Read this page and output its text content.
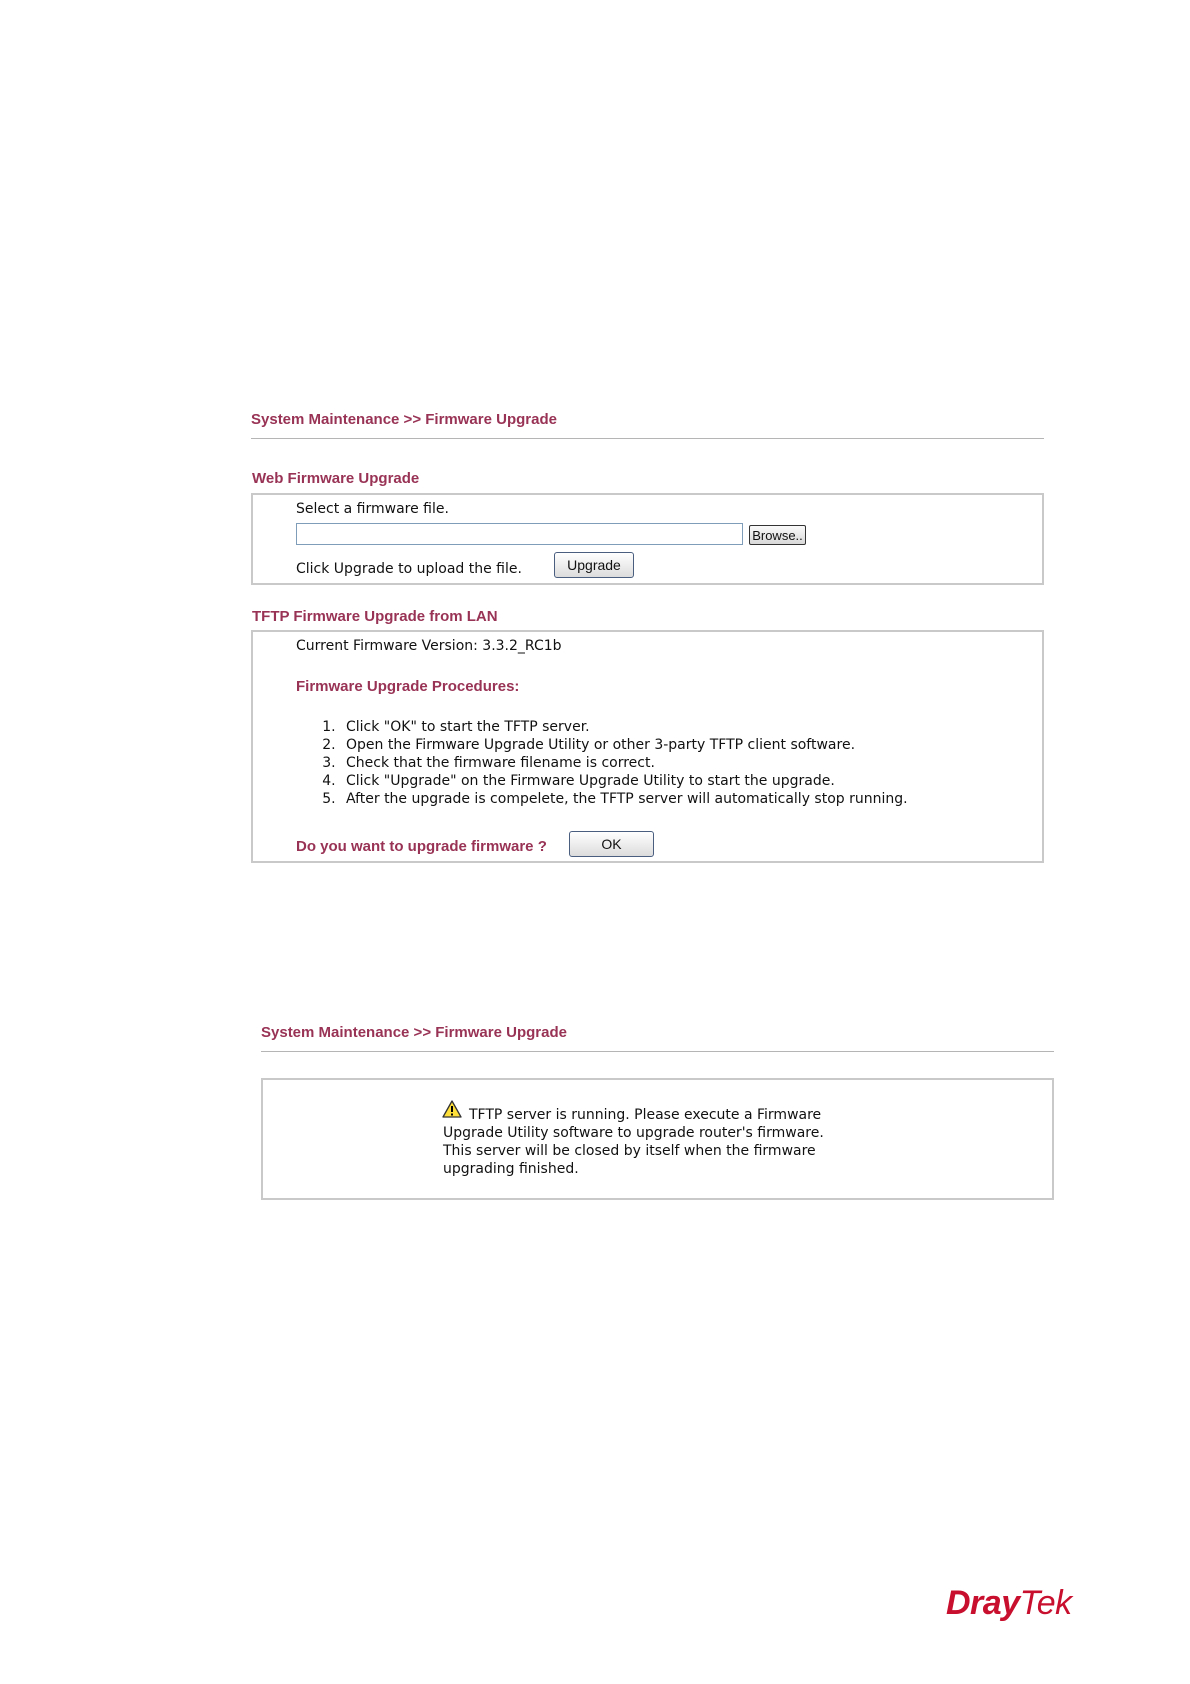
System Maintenance >> Firmware Upgrade
Web Firmware Upgrade
Select a firmware file.
Browse..
Click Upgrade to upload the file.	Upgrade
TFTP Firmware Upgrade from LAN
Current Firmware Version: 3.3.2_RC1b
Firmware Upgrade Procedures:
1. Click "OK" to start the TFTP server.
2. Open the Firmware Upgrade Utility or other 3-party TFTP client software.
3. Check that the firmware filename is correct.
4. Click "Upgrade" on the Firmware Upgrade Utility to start the upgrade.
5. After the upgrade is compelete, the TFTP server will automatically stop running.
Do you want to upgrade firmware ?	OK
System Maintenance >> Firmware Upgrade
TFTP server is running. Please execute a Firmware
Upgrade Utility software to upgrade router's firmware.
This server will be closed by itself when the firmware
upgrading finished.
DrayTek
